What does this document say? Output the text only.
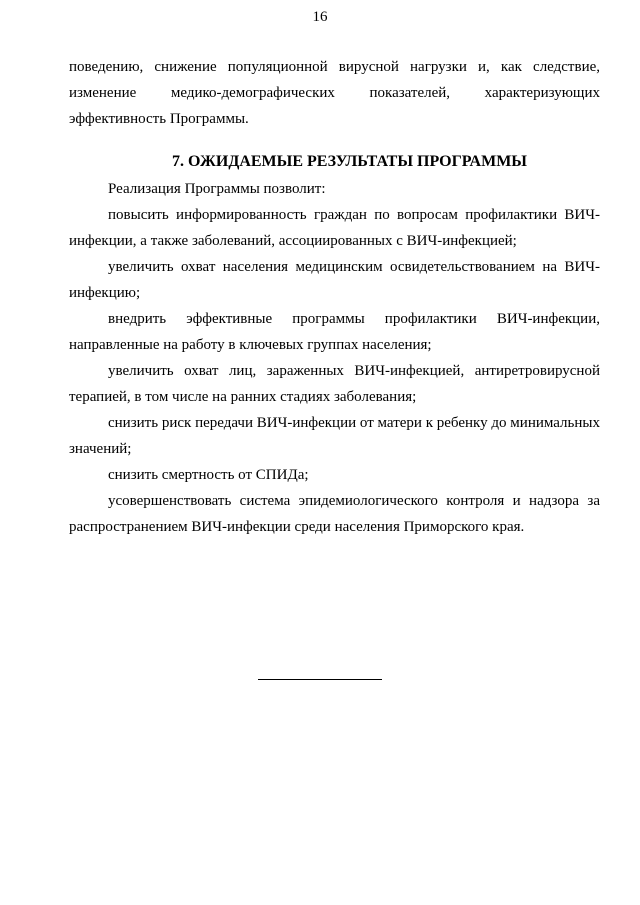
16

поведению, снижение популяционной вирусной нагрузки и, как следствие, изменение медико-демографических показателей, характеризующих эффективность Программы.

7. ОЖИДАЕМЫЕ РЕЗУЛЬТАТЫ ПРОГРАММЫ

Реализация Программы позволит:

повысить информированность граждан по вопросам профилактики ВИЧ-инфекции, а также заболеваний, ассоциированных с ВИЧ-инфекцией;

увеличить охват населения медицинским освидетельствованием на ВИЧ-инфекцию;

внедрить эффективные программы профилактики ВИЧ-инфекции, направленные на работу в ключевых группах населения;

увеличить охват лиц, зараженных ВИЧ-инфекцией, антиретровирусной терапией, в том числе на ранних стадиях заболевания;

снизить риск передачи ВИЧ-инфекции от матери к ребенку до минимальных значений;

снизить смертность от СПИДа;

усовершенствовать система эпидемиологического контроля и надзора за распространением ВИЧ-инфекции среди населения Приморского края.
